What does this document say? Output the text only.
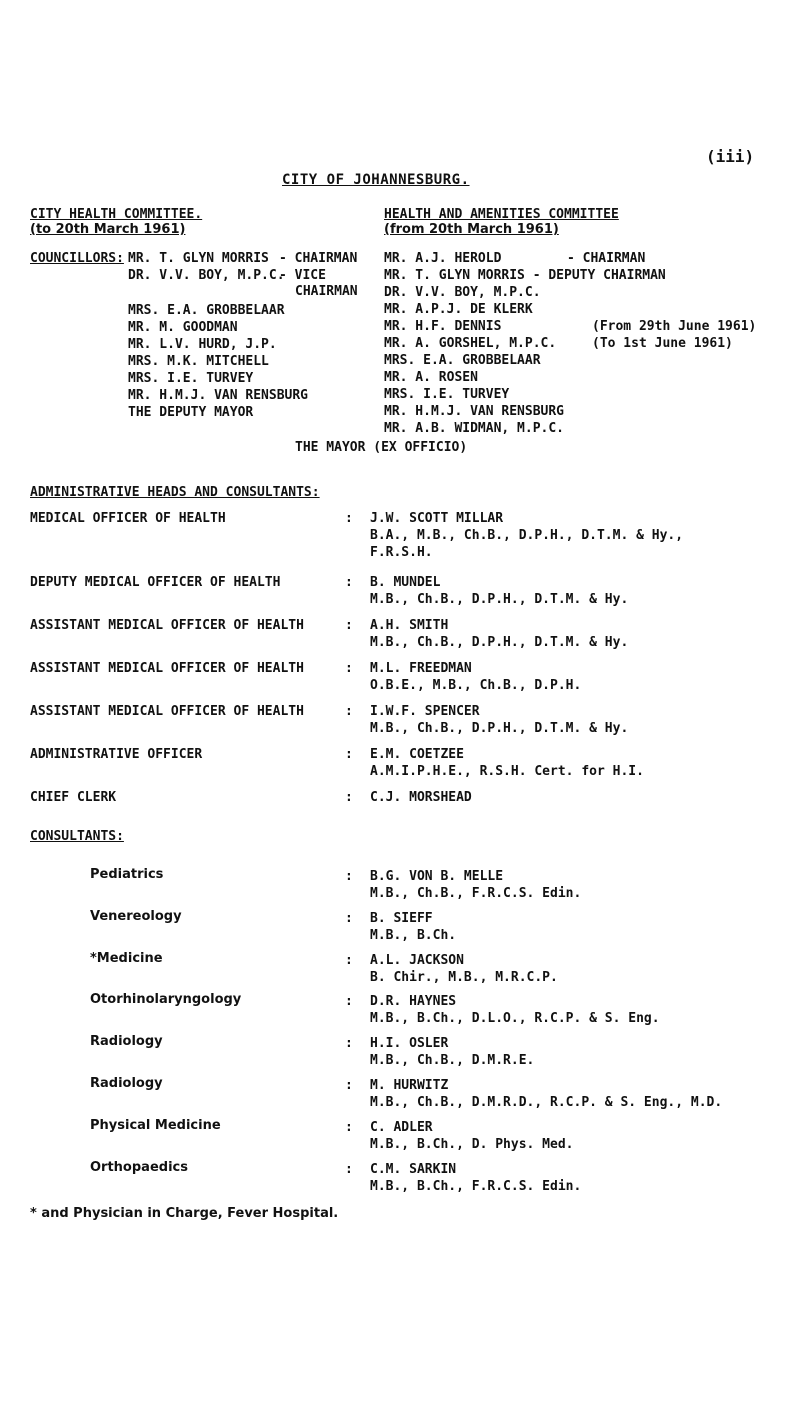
(iii)
CITY OF JOHANNESBURG.
CITY HEALTH COMMITTEE.
(to 20th March 1961)
COUNCILLORS: MR. T. GLYN MORRIS - CHAIRMAN
DR. V.V. BOY, M.P.C.
- VICE
CHAIRMAN
MRS. E.A. GROBBELAAR
MR. M. GOODMAN
MR. L.V. HURD, J.P.
MRS. M.K. MITCHELL
MRS. I.E. TURVEY
MR. H.M.J. VAN RENSBURG
THE DEPUTY MAYOR
HEALTH AND AMENITIES COMMITTEE
(from 20th March 1961)
MR. A.J. HEROLD	- CHAIRMAN
MR. T. GLYN MORRIS - DEPUTY CHAIRMAN
DR. V.V. BOY, M.P.C.
MR. A.P.J. DE KLERK
MR. H.F. DENNIS	(From 29th June 1961)
MR. A. GORSHEL, M.P.C.	(To 1st June 1961)
MRS. E.A. GROBBELAAR
MR. A. ROSEN
MRS. I.E. TURVEY
MR. H.M.J. VAN RENSBURG
MR. A.B. WIDMAN, M.P.C.
THE MAYOR (EX OFFICIO)
ADMINISTRATIVE HEADS AND CONSULTANTS:
MEDICAL OFFICER OF HEALTH	: J.W. SCOTT MILLAR
B.A., M.B., Ch.B., D.P.H., D.T.M. & Hy.,
F.R.S.H.
DEPUTY MEDICAL OFFICER OF HEALTH	: B. MUNDEL
M.B., Ch.B., D.P.H., D.T.M. & Hy.
ASSISTANT MEDICAL OFFICER OF HEALTH	: A.H. SMITH
M.B., Ch.B., D.P.H., D.T.M. & Hy.
ASSISTANT MEDICAL OFFICER OF HEALTH	: M.L. FREEDMAN
O.B.E., M.B., Ch.B., D.P.H.
ASSISTANT MEDICAL OFFICER OF HEALTH	: I.W.F. SPENCER
M.B., Ch.B., D.P.H., D.T.M. & Hy.
ADMINISTRATIVE OFFICER	: E.M. COETZEE
A.M.I.P.H.E., R.S.H. Cert. for H.I.
CHIEF CLERK	: C.J. MORSHEAD
CONSULTANTS:
Pediatrics	: B.G. VON B. MELLE
M.B., Ch.B., F.R.C.S. Edin.
Venereology	: B. SIEFF
M.B., B.Ch.
*Medicine	: A.L. JACKSON
B. Chir., M.B., M.R.C.P.
Otorhinolaryngology	: D.R. HAYNES
M.B., B.Ch., D.L.O., R.C.P. & S. Eng.
Radiology	: H.I. OSLER
M.B., Ch.B., D.M.R.E.
Radiology	: M. HURWITZ
M.B., Ch.B., D.M.R.D., R.C.P. & S. Eng., M.D.
Physical Medicine	: C. ADLER
M.B., B.Ch., D. Phys. Med.
Orthopaedics	: C.M. SARKIN
M.B., B.Ch., F.R.C.S. Edin.
* and Physician in Charge, Fever Hospital.
